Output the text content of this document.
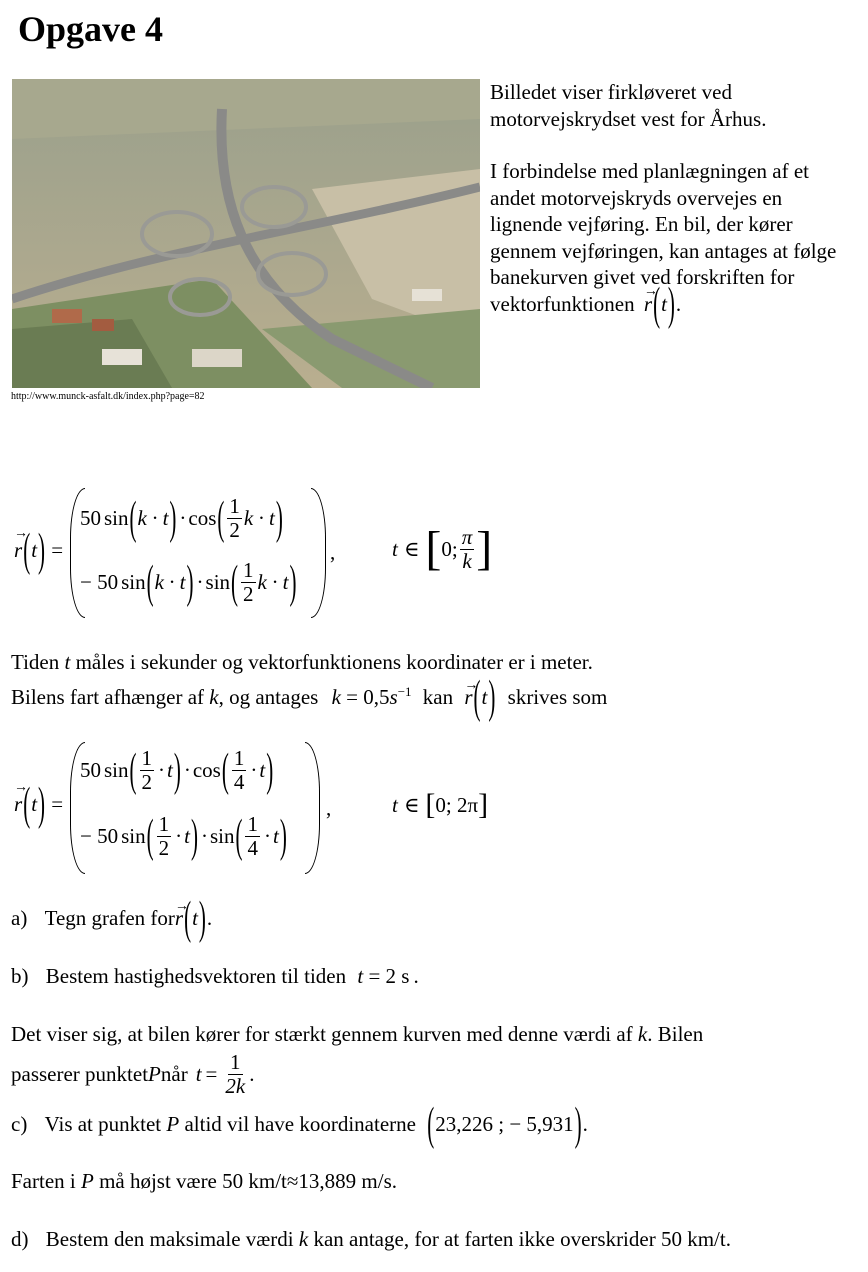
Opgave 4
http://www.munck-asfalt.dk/index.php?page=82

Billedet viser firkløveret ved motorvejskrydset vest for Århus.

I forbindelse med planlægningen af et andet motorvejskryds overvejes en lignende vejføring. En bil, der kører gennem vejføringen, kan antages at følge banekurven givet ved forskriften for vektorfunktionen → r(t).

→ r(t) =
50 sin ( k · t ) · cos ( $\frac{1}{2}$ k · t )
− 50 sin ( k · t ) · sin ( $\frac{1}{2}$ k · t )
,	t ∈ [ 0; $\frac{\pi}{k}$ ]
Tiden t måles i sekunder og vektorfunktionens koordinater er i meter.
Bilens fart afhænger af k, og antages $k = 0,5s^{-1}$ kan → r(t) skrives som
→ r(t) =
50 sin ( $\frac{1}{2} \cdot t$ ) · cos ( $\frac{1}{4} \cdot t$ )
− 50 sin ( $\frac{1}{2} \cdot t$ ) · sin ( $\frac{1}{4} \cdot t$ )
,	t ∈ [ 0; 2π ]
a) Tegn grafen for→ r(t).
b) Bestem hastighedsvektoren til tiden t = 2 s .
Det viser sig, at bilen kører for stærkt gennem kurven med denne værdi af k. Bilen
passerer punktet P når $t = \frac{1}{2k}$ .
c) Vis at punktet P altid vil have koordinaterne (23,226 ; − 5,931).
Farten i P må højst være 50 km/t≈13,889 m/s.
d) Bestem den maksimale værdi k kan antage, for at farten ikke overskrider 50 km/t.
